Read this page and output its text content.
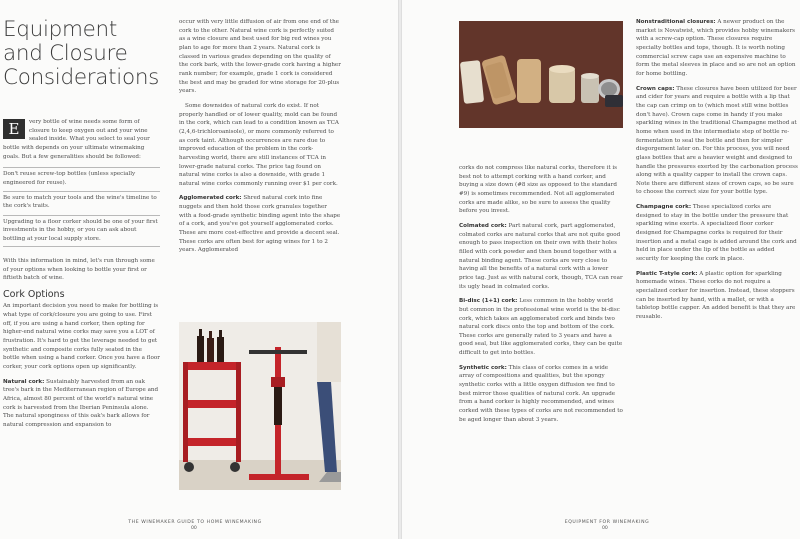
Equipment and Closure Considerations
E	very bottle of wine needs some form of closure to keep oxygen out and your wine sealed inside. What you select to seal your bottle with depends on your ultimate winemaking goals. But a few generalities should be followed:

Don't reuse screw-top bottles (unless specially engineered for reuse).
Be sure to match your tools and the wine's timeline to the cork's traits.
Upgrading to a floor corker should be one of your first investments in the hobby, or you can ask about bottling at your local supply store.

With this information in mind, let's run through some of your options when looking to bottle your first or fiftieth batch of wine.

Cork Options

An important decision you need to make for bottling is what type of cork/closure you are going to use. First off, if you are using a hand corker, then opting for higher-end natural wine corks may save you a LOT of frustration. It's hard to get the leverage needed to get synthetic and composite corks fully seated in the bottle when using a hand corker. Once you have a floor corker, your cork options open up significantly.

Natural cork: Sustainably harvested from an oak tree's bark in the Mediterranean region of Europe and Africa, almost 80 percent of the world's natural wine cork is harvested from the Iberian Peninsula alone. The natural sponginess of this oak's bark allows for natural compression and expansion to

occur with very little diffusion of air from one end of the cork to the other. Natural wine cork is perfectly suited as a wine closure and best used for big red wines you plan to age for more than 2 years. Natural cork is classed in various grades depending on the quality of the cork bark, with the lower-grade cork having a higher rank number; for example, grade 1 cork is considered the best and may be graded for wine storage for 20-plus years.

Some downsides of natural cork do exist. If not properly handled or of lower quality, mold can be found in the cork, which can lead to a condition known as TCA (2,4,6-trichloroanisole), or more commonly referred to as cork taint. Although occurrences are rare due to improved education of the problem in the cork-harvesting world, there are still instances of TCA in lower-grade natural corks. The price tag found on natural wine corks is also a downside, with grade 1 natural wine corks commonly running over $1 per cork.

Agglomerated cork: Shred natural cork into fine nuggets and then hold those cork granules together with a food-grade synthetic binding agent into the shape of a cork, and you've got yourself agglomerated corks. These are more cost-effective and provide a decent seal. These corks are often best for aging wines for 1 to 2 years. Agglomerated

THE WINEMAKER GUIDE TO HOME WINEMAKING
00

corks do not compress like natural corks, therefore it is best not to attempt corking with a hand corker, and buying a size down (#8 size as opposed to the standard #9) is sometimes recommended. Not all agglomerated corks are made alike, so be sure to assess the quality before you invest.

Colmated cork: Part natural cork, part agglomerated, colmated corks are natural corks that are not quite good enough to pass inspection on their own with their holes filled with cork powder and then bound together with a natural binding agent. These corks are very close to having all the benefits of a natural cork with a lower price tag. Just as with natural cork, though, TCA can rear its ugly head in colmated corks.

Bi-disc (1+1) cork: Less common in the hobby world but common in the professional wine world is the bi-disc cork, which takes an agglomerated cork and binds two natural cork discs onto the top and bottom of the cork. These corks are generally rated to 3 years and have a good seal, but like agglomerated corks, they can be quite difficult to get into bottles.

Synthetic cork: This class of corks comes in a wide array of compositions and qualities, but the spongy synthetic corks with a little oxygen diffusion we find to best mirror those qualities of natural cork. An upgrade from a hand corker is highly recommended, and wines corked with these types of corks are not recommended to be aged longer than about 3 years.

Nonstraditional closures: A newer product on the market is Novatwist, which provides hobby winemakers with a screw-cap option. These closures require specialty bottles and tops, though. It is worth noting commercial screw caps use an expensive machine to form the metal sleeves in place and so are not an option for home bottling.

Crown caps: These closures have been utilized for beer and cider for years and require a bottle with a lip that the cap can crimp on to (which most still wine bottles don't have). Crown caps come in handy if you make sparkling wines in the traditional Champagne method at home when used in the intermediate step of bottle re-fermentation to seal the bottle and then for simpler disgorgement later on. For this process, you will need glass bottles that are a heavier weight and designed to handle the pressures exerted by the carbonation process along with a quality capper to install the crown caps. Note there are different sizes of crown caps, so be sure to choose the correct size for your bottle type.

Champagne cork: These specialized corks are designed to stay in the bottle under the pressure that sparkling wine exerts. A specialized floor corker designed for Champagne corks is required for their insertion and a metal cage is added around the cork and held in place under the lip of the bottle as added security for keeping the cork in place.

Plastic T-style cork: A plastic option for sparkling homemade wines. These corks do not require a specialized corker for insertion. Instead, these stoppers can be inserted by hand, with a mallet, or with a tabletop bottle capper. An added benefit is that they are reusable.

EQUIPMENT FOR WINEMAKING
00
